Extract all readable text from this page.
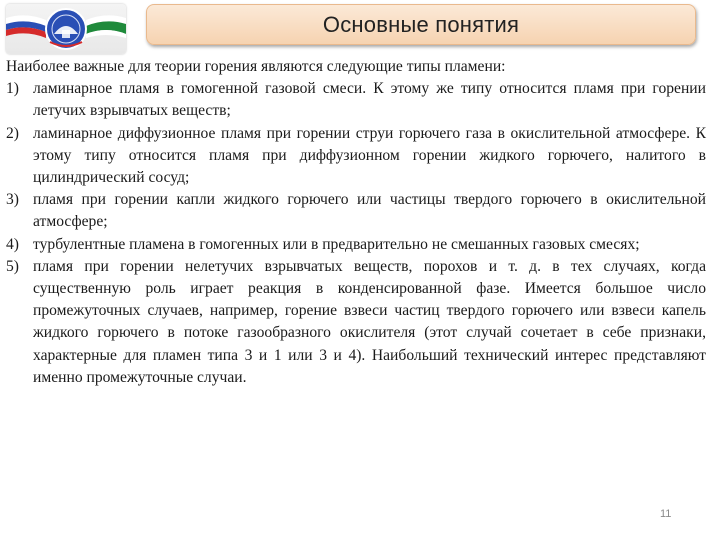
Основные понятия

Наиболее важные для теории горения являются следующие типы пламени:

1) ламинарное пламя в гомогенной газовой смеси. К этому же типу относится пламя при горении летучих взрывчатых веществ;
2) ламинарное диффузионное пламя при горении струи горючего газа в окислительной атмосфере. К этому типу относится пламя при диффузионном горении жидкого горючего, налитого в цилиндрический сосуд;
3) пламя при горении капли жидкого горючего или частицы твердого горючего в окислительной атмосфере;
4) турбулентные пламена в гомогенных или в предварительно не смешанных газовых смесях;
5) пламя при горении нелетучих взрывчатых веществ, порохов и т. д. в тех случаях, когда существенную роль играет реакция в конденсированной фазе. Имеется большое число промежуточных случаев, например, горение взвеси частиц твердого горючего или взвеси капель жидкого горючего в потоке газообразного окислителя (этот случай сочетает в себе признаки, характерные для пламен типа 3 и 1 или 3 и 4). Наибольший технический интерес представляют именно промежуточные случаи.
11
